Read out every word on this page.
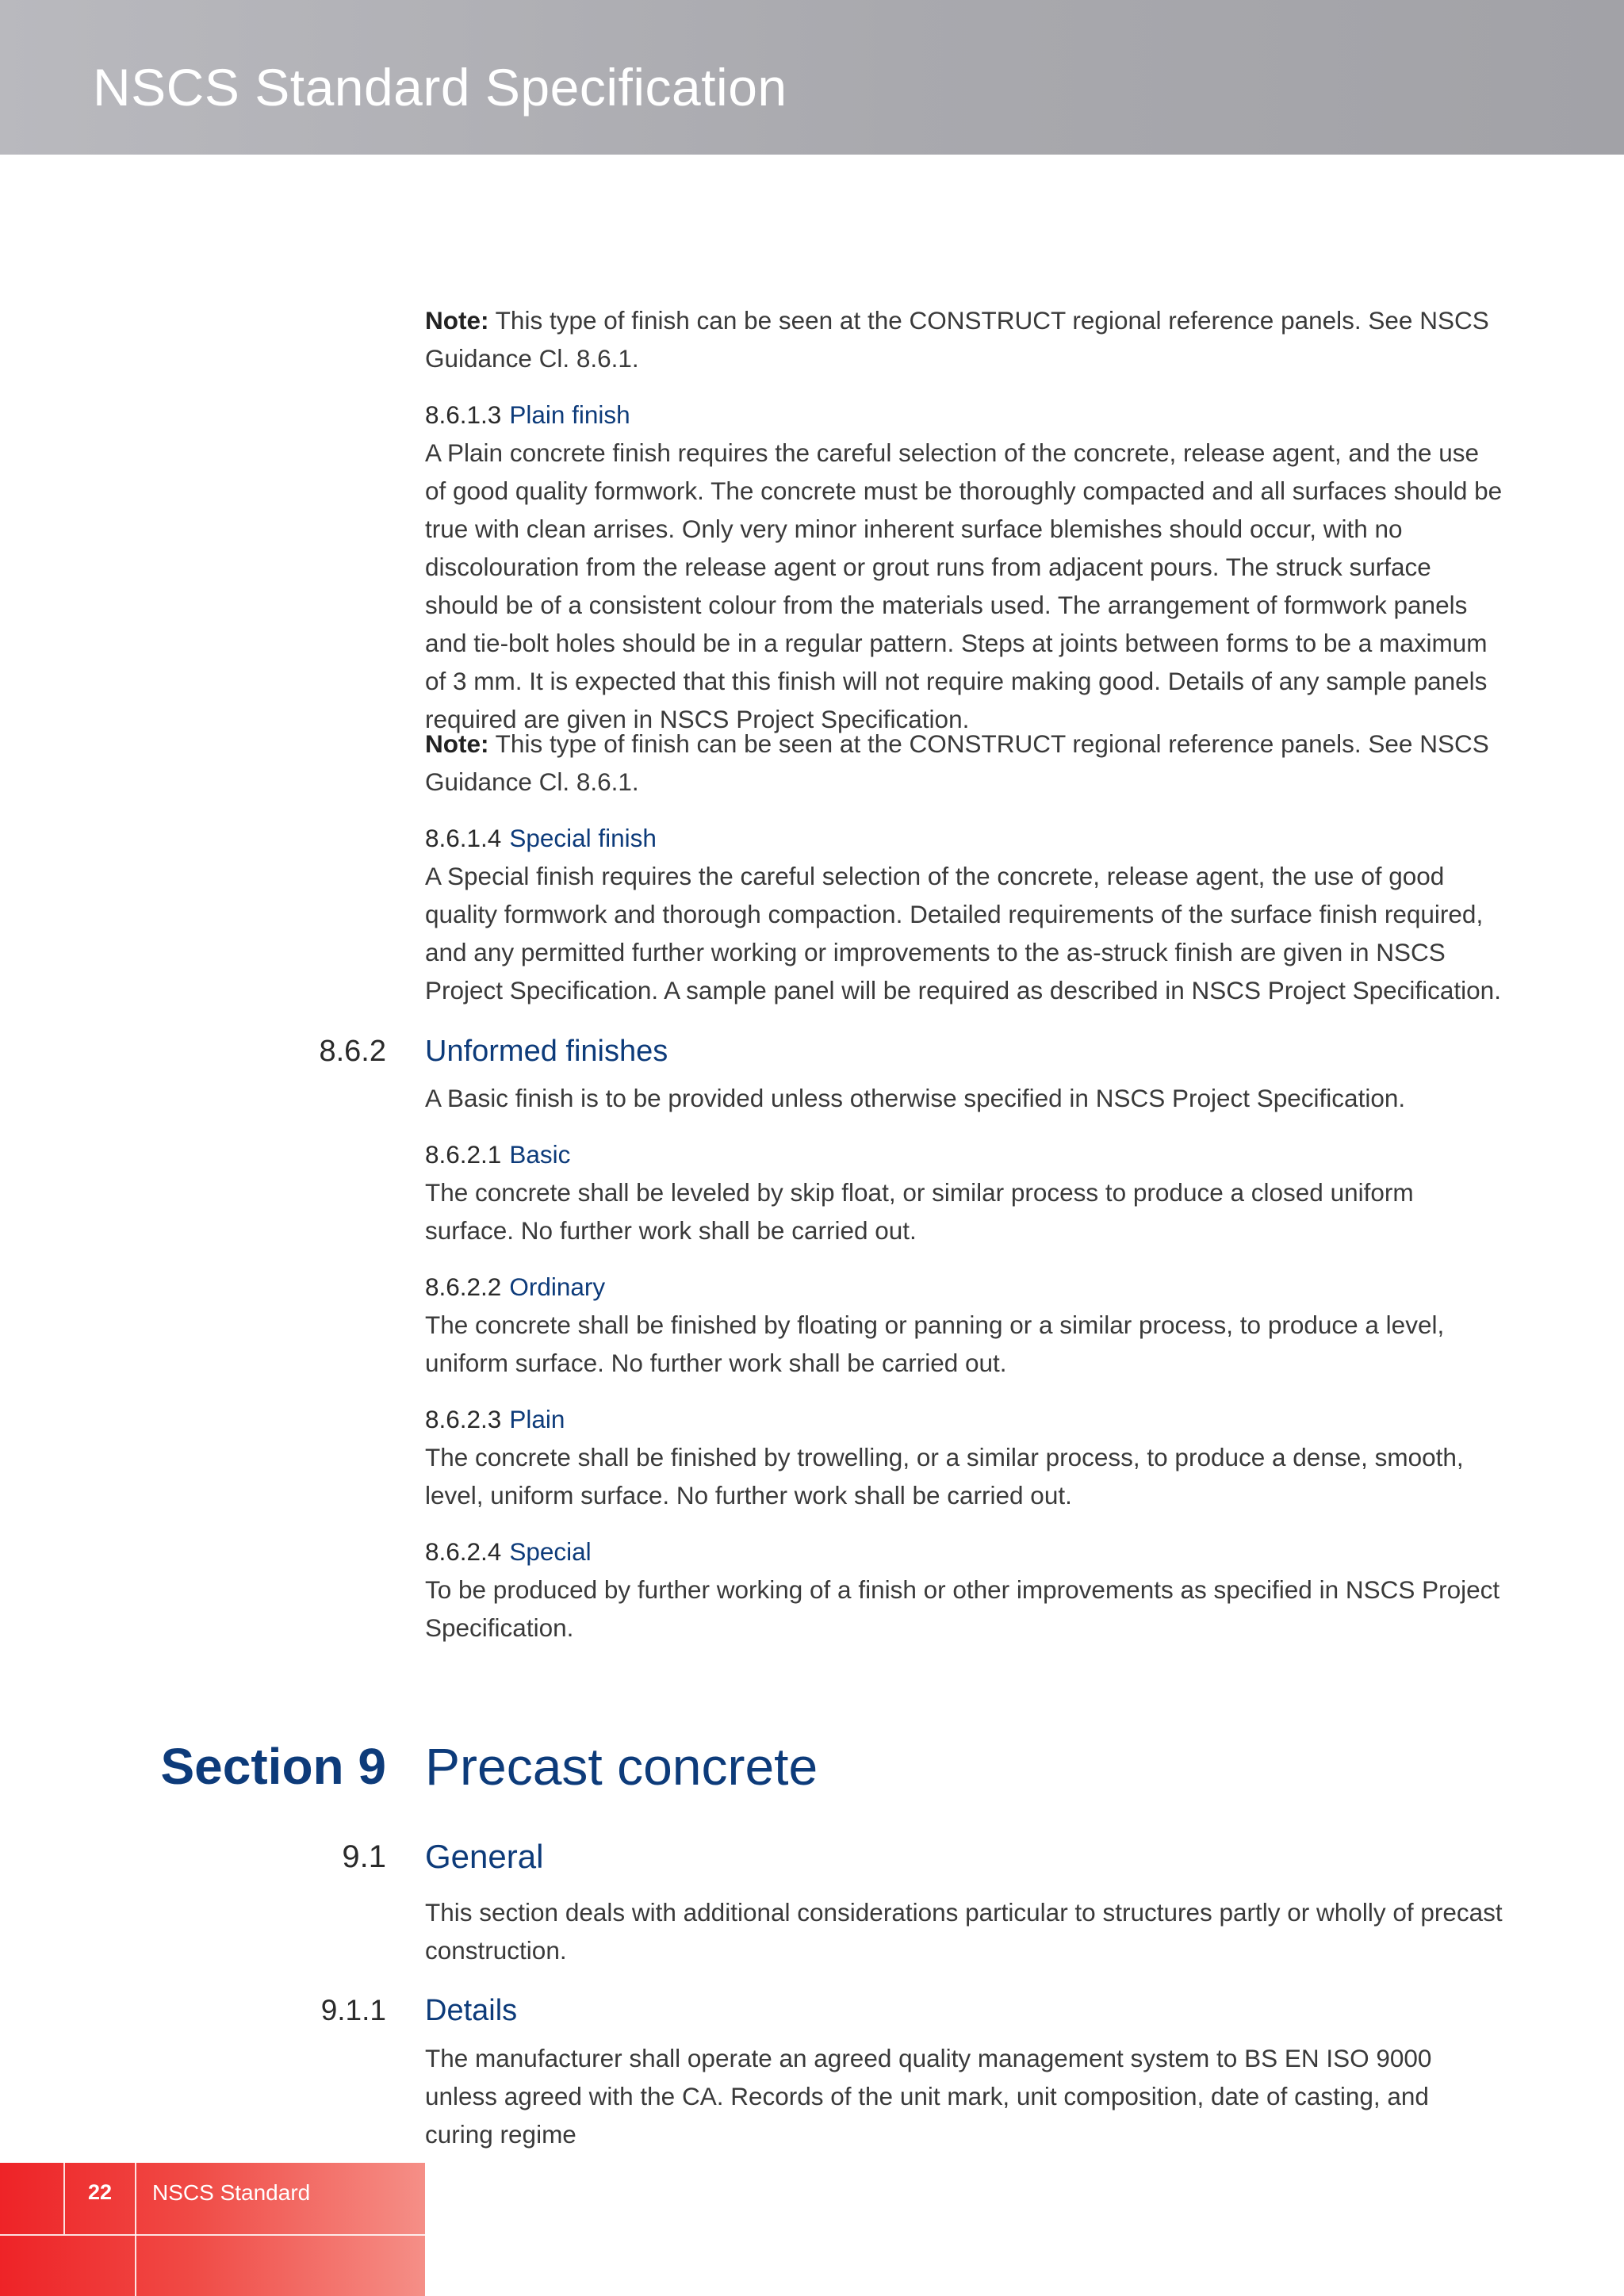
NSCS Standard Specification

Note: This type of finish can be seen at the CONSTRUCT regional reference panels. See NSCS Guidance Cl. 8.6.1.

8.6.1.3 Plain finish

A Plain concrete finish requires the careful selection of the concrete, release agent, and the use of good quality formwork. The concrete must be thoroughly compacted and all surfaces should be true with clean arrises. Only very minor inherent surface blemishes should occur, with no discolouration from the release agent or grout runs from adjacent pours. The struck surface should be of a consistent colour from the materials used. The arrangement of formwork panels and tie-bolt holes should be in a regular pattern. Steps at joints between forms to be a maximum of 3 mm. It is expected that this finish will not require making good. Details of any sample panels required are given in NSCS Project Specification.

Note: This type of finish can be seen at the CONSTRUCT regional reference panels. See NSCS Guidance Cl. 8.6.1.

8.6.1.4 Special finish

A Special finish requires the careful selection of the concrete, release agent, the use of good quality formwork and thorough compaction. Detailed requirements of the surface finish required, and any permitted further working or improvements to the as-struck finish are given in NSCS Project Specification. A sample panel will be required as described in NSCS Project Specification.

8.6.2 Unformed finishes

A Basic finish is to be provided unless otherwise specified in NSCS Project Specification.

8.6.2.1 Basic

The concrete shall be leveled by skip float, or similar process to produce a closed uniform surface. No further work shall be carried out.

8.6.2.2 Ordinary

The concrete shall be finished by floating or panning or a similar process, to produce a level, uniform surface. No further work shall be carried out.

8.6.2.3 Plain

The concrete shall be finished by trowelling, or a similar process, to produce a dense, smooth, level, uniform surface. No further work shall be carried out.

8.6.2.4 Special

To be produced by further working of a finish or other improvements as specified in NSCS Project Specification.

Section 9 Precast concrete
9.1 General

This section deals with additional considerations particular to structures partly or wholly of precast construction.

9.1.1 Details

The manufacturer shall operate an agreed quality management system to BS EN ISO 9000 unless agreed with the CA. Records of the unit mark, unit composition, date of casting, and curing regime

22	NSCS Standard
